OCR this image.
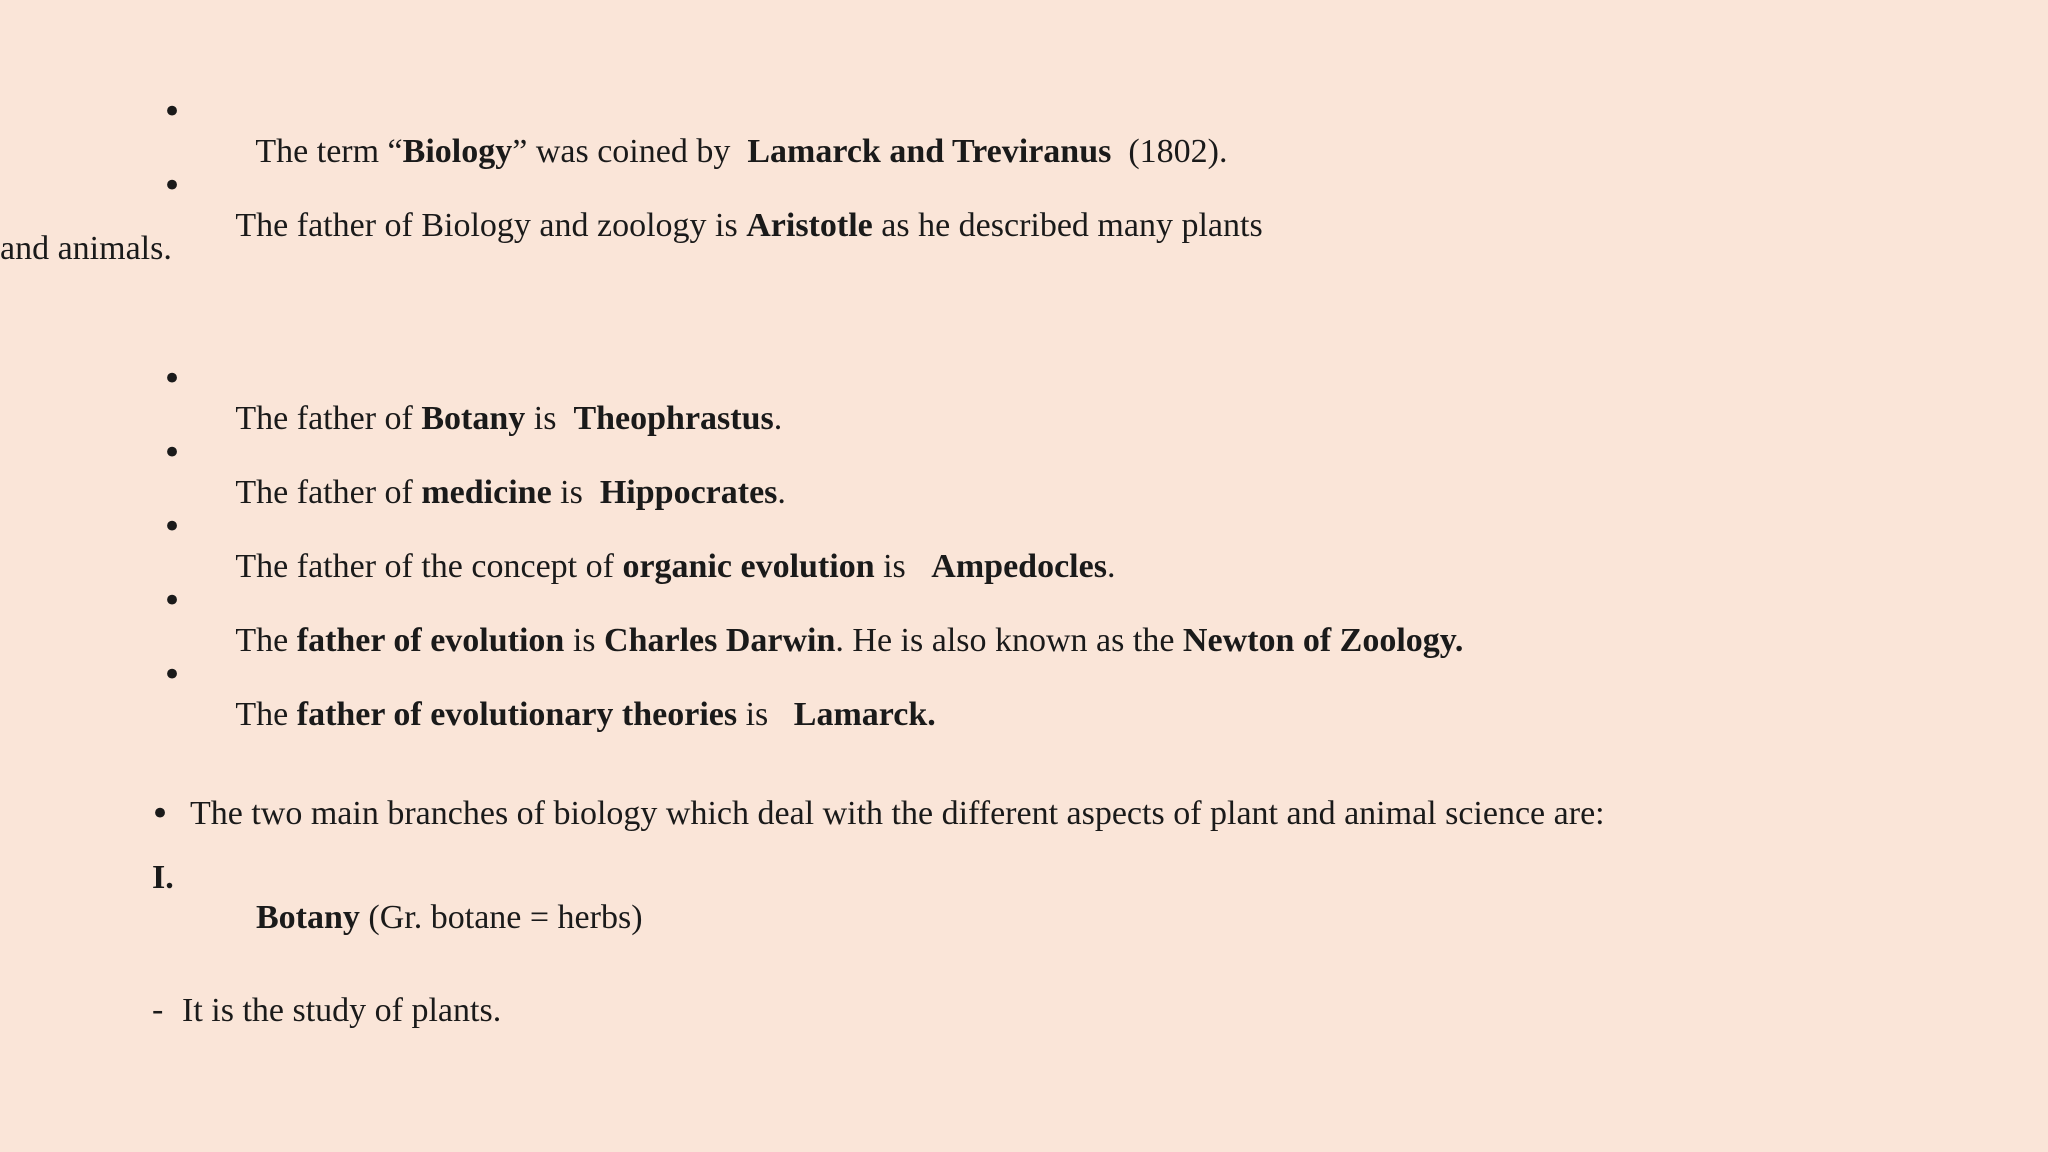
•

The term “Biology” was coined by  Lamarck and Treviranus  (1802).

•

The father of Biology and zoology is Aristotle as he described many plants

and animals.

•

The father of Botany is  Theophrastus.

•

The father of medicine is  Hippocrates.

•

The father of the concept of organic evolution is   Ampedocles.

•

The father of evolution is Charles Darwin. He is also known as the Newton of Zoology.

•

The father of evolutionary theories is   Lamarck.

• The two main branches of biology which deal with the different aspects of plant and animal science are:

I.

Botany (Gr. botane = herbs)

- It is the study of plants.
